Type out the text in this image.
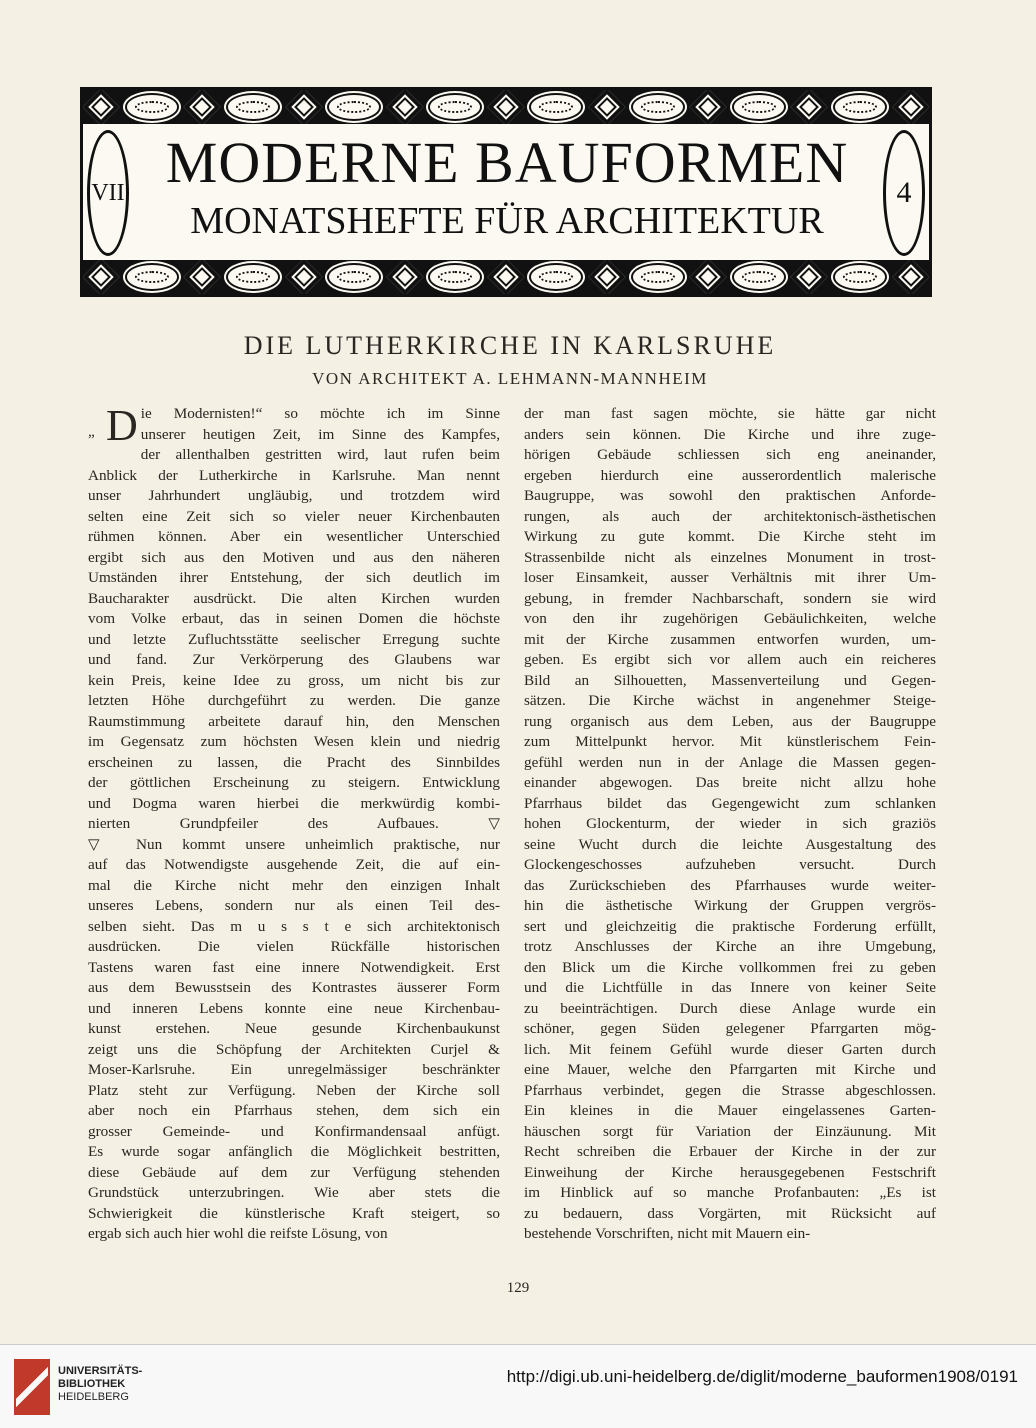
VII MODERNE BAUFORMEN
MONATSHEFTE FÜR ARCHITEKTUR
4
DIE LUTHERKIRCHE IN KARLSRUHE
VON ARCHITEKT A. LEHMANN-MANNHEIM
D
„
ie Modernisten!“ so möchte ich im Sinne
unserer heutigen Zeit, im Sinne des Kampfes,
der allenthalben gestritten wird, laut rufen beim
Anblick der Lutherkirche in Karlsruhe. Man nennt
unser Jahrhundert ungläubig, und trotzdem wird
selten eine Zeit sich so vieler neuer Kirchenbauten
rühmen können. Aber ein wesentlicher Unterschied
ergibt sich aus den Motiven und aus den näheren
Umständen ihrer Entstehung, der sich deutlich im
Baucharakter ausdrückt. Die alten Kirchen wurden
vom Volke erbaut, das in seinen Domen die höchste
und letzte Zufluchtsstätte seelischer Erregung suchte
und fand. Zur Verkörperung des Glaubens war
kein Preis, keine Idee zu gross, um nicht bis zur
letzten Höhe durchgeführt zu werden. Die ganze
Raumstimmung arbeitete darauf hin, den Menschen
im Gegensatz zum höchsten Wesen klein und niedrig
erscheinen zu lassen, die Pracht des Sinnbildes
der göttlichen Erscheinung zu steigern. Entwicklung
und Dogma waren hierbei die merkwürdig kombi-
nierten Grundpfeiler des Aufbaues. ▽
▽ Nun kommt unsere unheimlich praktische, nur
auf das Notwendigste ausgehende Zeit, die auf ein-
mal die Kirche nicht mehr den einzigen Inhalt
unseres Lebens, sondern nur als einen Teil des-
selben sieht. Das m u s s t e sich architektonisch
ausdrücken. Die vielen Rückfälle historischen
Tastens waren fast eine innere Notwendigkeit. Erst
aus dem Bewusstsein des Kontrastes äusserer Form
und inneren Lebens konnte eine neue Kirchenbau-
kunst erstehen. Neue gesunde Kirchenbaukunst
zeigt uns die Schöpfung der Architekten Curjel &
Moser-Karlsruhe. Ein unregelmässiger beschränkter
Platz steht zur Verfügung. Neben der Kirche soll
aber noch ein Pfarrhaus stehen, dem sich ein
grosser Gemeinde- und Konfirmandensaal anfügt.
Es wurde sogar anfänglich die Möglichkeit bestritten,
diese Gebäude auf dem zur Verfügung stehenden
Grundstück unterzubringen. Wie aber stets die
Schwierigkeit die künstlerische Kraft steigert, so
ergab sich auch hier wohl die reifste Lösung, von
der man fast sagen möchte, sie hätte gar nicht
anders sein können. Die Kirche und ihre zuge-
hörigen Gebäude schliessen sich eng aneinander,
ergeben hierdurch eine ausserordentlich malerische
Baugruppe, was sowohl den praktischen Anforde-
rungen, als auch der architektonisch-ästhetischen
Wirkung zu gute kommt. Die Kirche steht im
Strassenbilde nicht als einzelnes Monument in trost-
loser Einsamkeit, ausser Verhältnis mit ihrer Um-
gebung, in fremder Nachbarschaft, sondern sie wird
von den ihr zugehörigen Gebäulichkeiten, welche
mit der Kirche zusammen entworfen wurden, um-
geben. Es ergibt sich vor allem auch ein reicheres
Bild an Silhouetten, Massenverteilung und Gegen-
sätzen. Die Kirche wächst in angenehmer Steige-
rung organisch aus dem Leben, aus der Baugruppe
zum Mittelpunkt hervor. Mit künstlerischem Fein-
gefühl werden nun in der Anlage die Massen gegen-
einander abgewogen. Das breite nicht allzu hohe
Pfarrhaus bildet das Gegengewicht zum schlanken
hohen Glockenturm, der wieder in sich graziös
seine Wucht durch die leichte Ausgestaltung des
Glockengeschosses aufzuheben versucht. Durch
das Zurückschieben des Pfarrhauses wurde weiter-
hin die ästhetische Wirkung der Gruppen vergrös-
sert und gleichzeitig die praktische Forderung erfüllt,
trotz Anschlusses der Kirche an ihre Umgebung,
den Blick um die Kirche vollkommen frei zu geben
und die Lichtfülle in das Innere von keiner Seite
zu beeinträchtigen. Durch diese Anlage wurde ein
schöner, gegen Süden gelegener Pfarrgarten mög-
lich. Mit feinem Gefühl wurde dieser Garten durch
eine Mauer, welche den Pfarrgarten mit Kirche und
Pfarrhaus verbindet, gegen die Strasse abgeschlossen.
Ein kleines in die Mauer eingelassenes Garten-
häuschen sorgt für Variation der Einzäunung. Mit
Recht schreiben die Erbauer der Kirche in der zur
Einweihung der Kirche herausgegebenen Festschrift
im Hinblick auf so manche Profanbauten: „Es ist
zu bedauern, dass Vorgärten, mit Rücksicht auf
bestehende Vorschriften, nicht mit Mauern ein-
129
UNIVERSITÄTS-
BIBLIOTHEK
HEIDELBERG
http://digi.ub.uni-heidelberg.de/diglit/moderne_bauformen1908/0191
